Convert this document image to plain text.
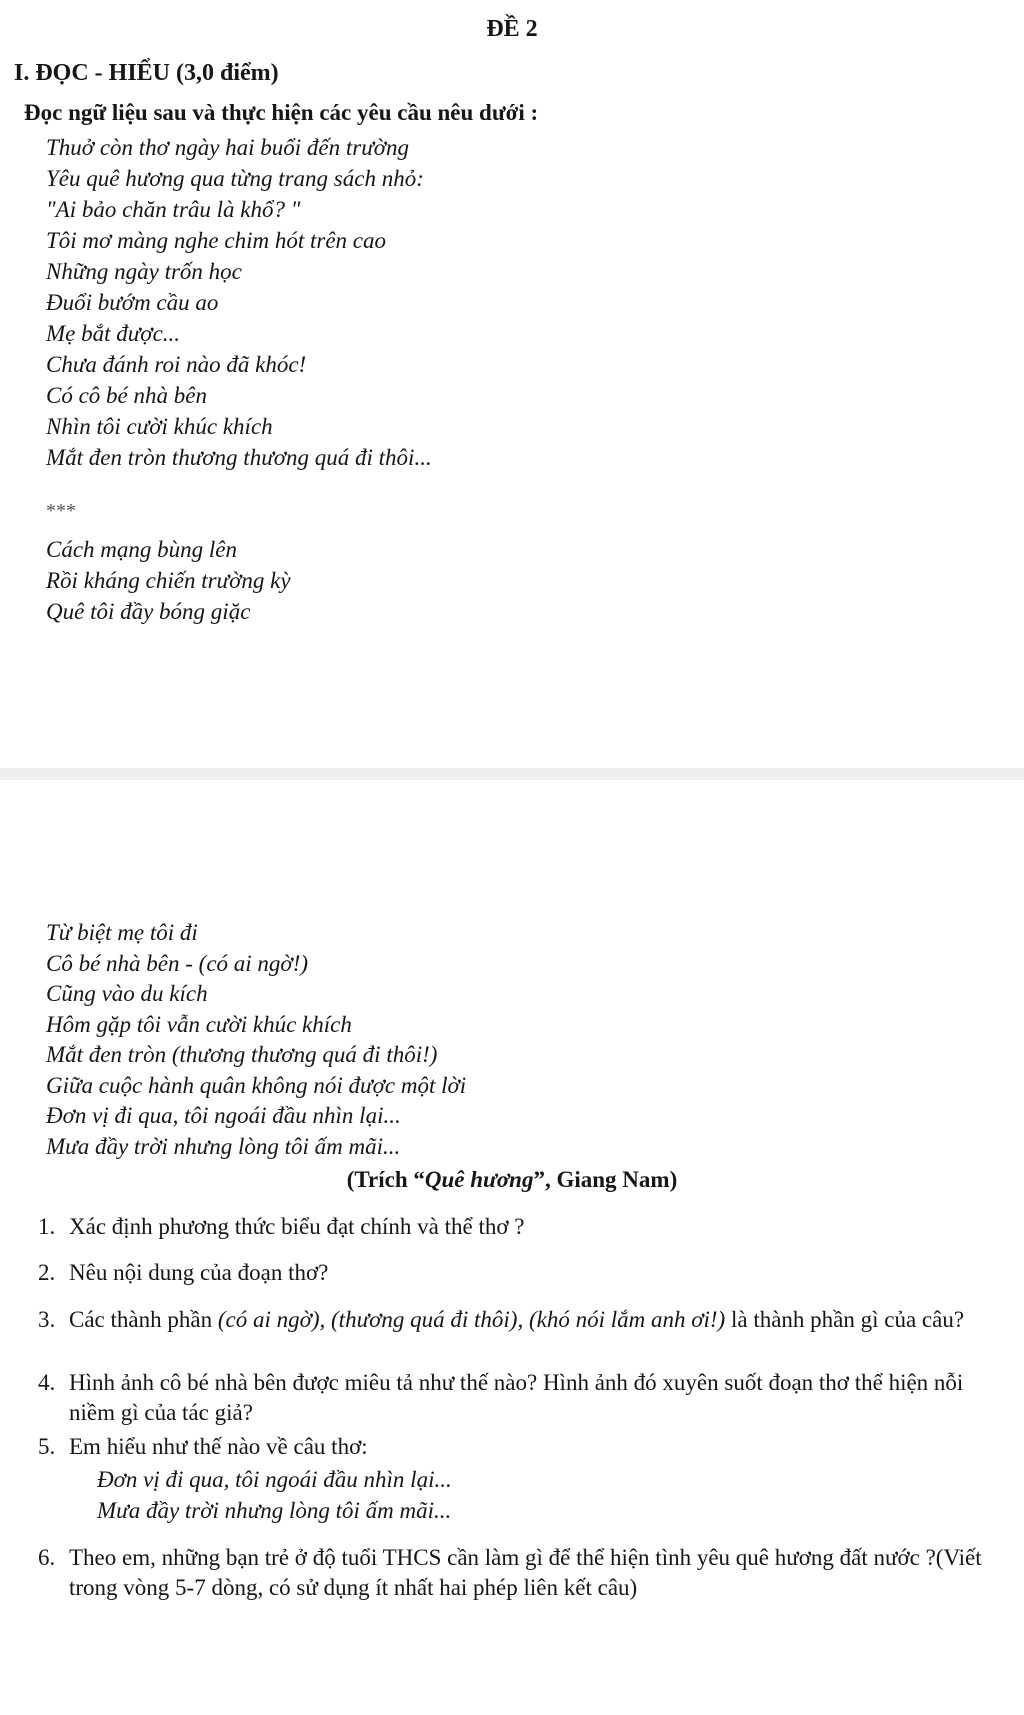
ĐỀ 2
I. ĐỌC - HIỂU (3,0 điểm)
Đọc ngữ liệu sau và thực hiện các yêu cầu nêu dưới :
Thuở còn thơ ngày hai buổi đến trường
Yêu quê hương qua từng trang sách nhỏ:
"Ai bảo chăn trâu là khổ? "
Tôi mơ màng nghe chim hót trên cao
Những ngày trốn học
Đuổi bướm cầu ao
Mẹ bắt được...
Chưa đánh roi nào đã khóc!
Có cô bé nhà bên
Nhìn tôi cười khúc khích
Mắt đen tròn thương thương quá đi thôi...
***
Cách mạng bùng lên
Rồi kháng chiến trường kỳ
Quê tôi đầy bóng giặc
Từ biệt mẹ tôi đi
Cô bé nhà bên - (có ai ngờ!)
Cũng vào du kích
Hôm gặp tôi vẫn cười khúc khích
Mắt đen tròn (thương thương quá đi thôi!)
Giữa cuộc hành quân không nói được một lời
Đơn vị đi qua, tôi ngoái đầu nhìn lại...
Mưa đầy trời nhưng lòng tôi ấm mãi...
(Trích “Quê hương”, Giang Nam)
1. Xác định phương thức biểu đạt chính và thể thơ ?
2. Nêu nội dung của đoạn thơ?
3. Các thành phần (có ai ngờ), (thương quá đi thôi), (khó nói lắm anh ơi!) là thành phần gì của câu?
4. Hình ảnh cô bé nhà bên được miêu tả như thế nào? Hình ảnh đó xuyên suốt đoạn thơ thể hiện nỗi niềm gì của tác giả?
5. Em hiểu như thế nào về câu thơ:
Đơn vị đi qua, tôi ngoái đầu nhìn lại...
Mưa đầy trời nhưng lòng tôi ấm mãi...
6. Theo em, những bạn trẻ ở độ tuổi THCS cần làm gì để thể hiện tình yêu quê hương đất nước ?(Viết trong vòng 5-7 dòng, có sử dụng ít nhất hai phép liên kết câu)
